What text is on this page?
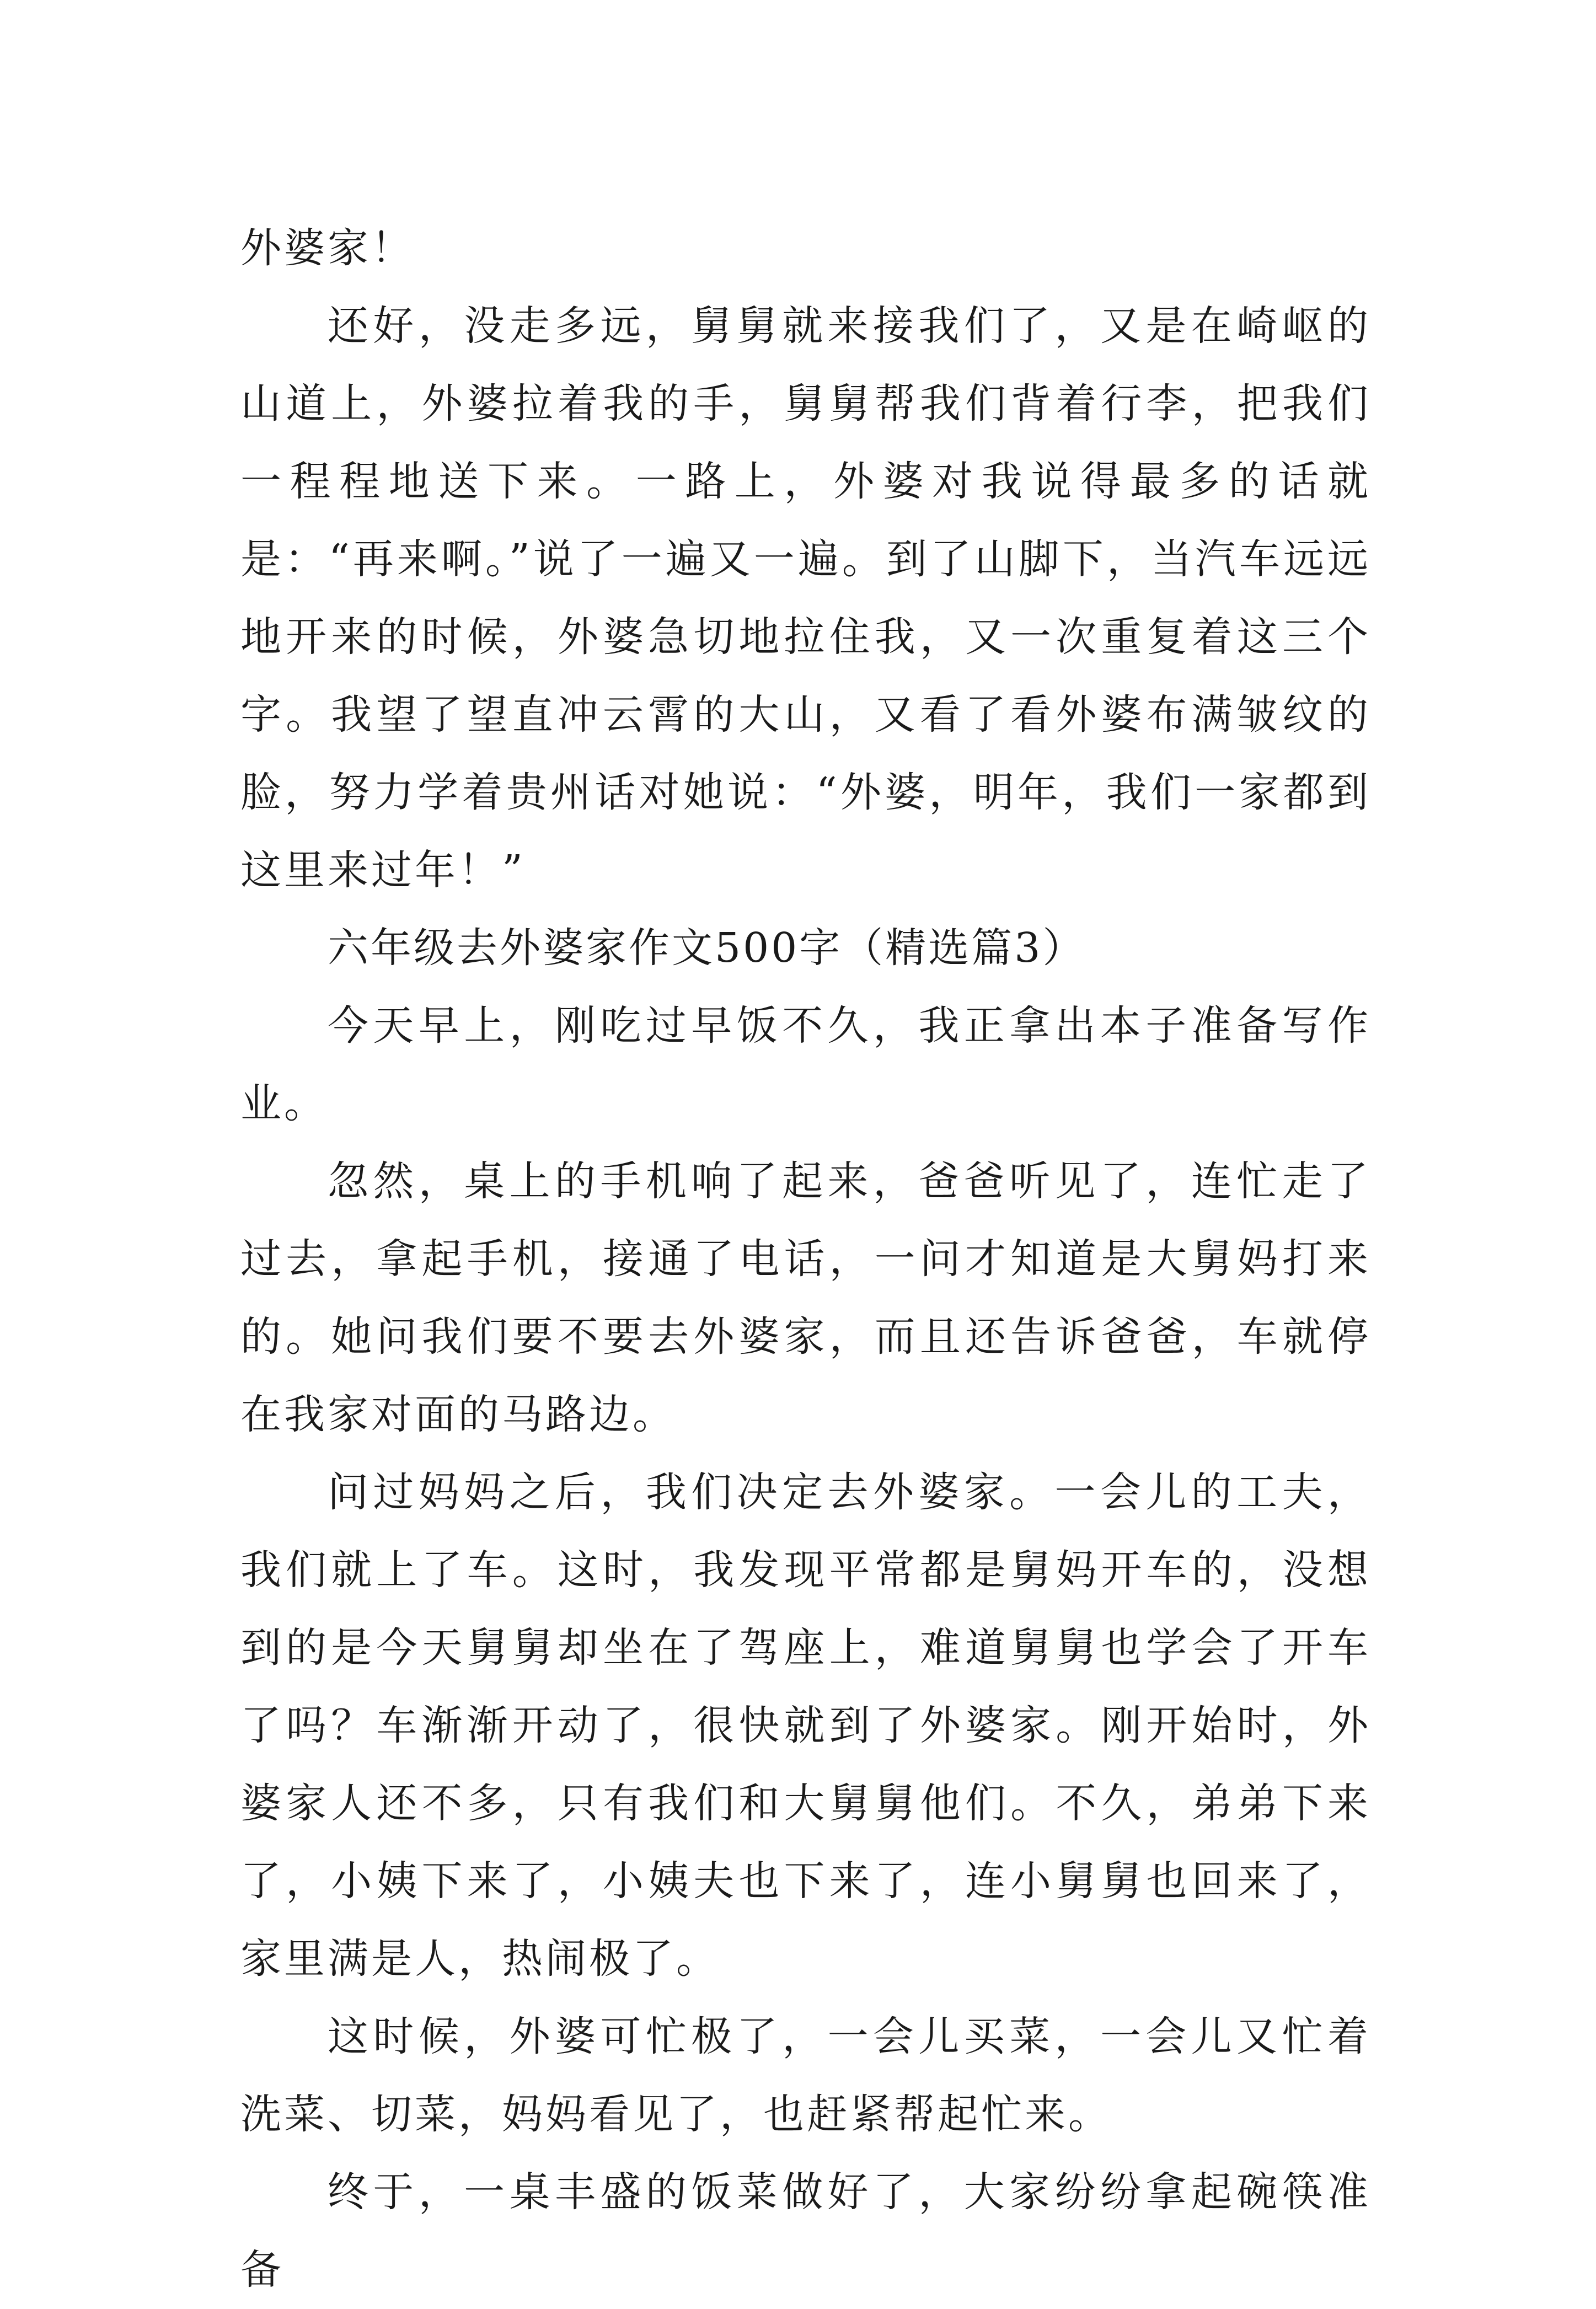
外婆家！

还好，没走多远，舅舅就来接我们了，又是在崎岖的山道上，外婆拉着我的手，舅舅帮我们背着行李，把我们一程程地送下来。一路上，外婆对我说得最多的话就是：“再来啊。”说了一遍又一遍。到了山脚下，当汽车远远地开来的时候，外婆急切地拉住我，又一次重复着这三个字。我望了望直冲云霄的大山，又看了看外婆布满皱纹的脸，努力学着贵州话对她说：“外婆，明年，我们一家都到这里来过年！”

六年级去外婆家作文500字（精选篇3）

今天早上，刚吃过早饭不久，我正拿出本子准备写作业。

忽然，桌上的手机响了起来，爸爸听见了，连忙走了过去，拿起手机，接通了电话，一问才知道是大舅妈打来的。她问我们要不要去外婆家，而且还告诉爸爸，车就停在我家对面的马路边。

问过妈妈之后，我们决定去外婆家。一会儿的工夫，我们就上了车。这时，我发现平常都是舅妈开车的，没想到的是今天舅舅却坐在了驾座上，难道舅舅也学会了开车了吗？车渐渐开动了，很快就到了外婆家。刚开始时，外婆家人还不多，只有我们和大舅舅他们。不久，弟弟下来了，小姨下来了，小姨夫也下来了，连小舅舅也回来了，家里满是人，热闹极了。

这时候，外婆可忙极了，一会儿买菜，一会儿又忙着洗菜、切菜，妈妈看见了，也赶紧帮起忙来。

终于，一桌丰盛的饭菜做好了，大家纷纷拿起碗筷准备
